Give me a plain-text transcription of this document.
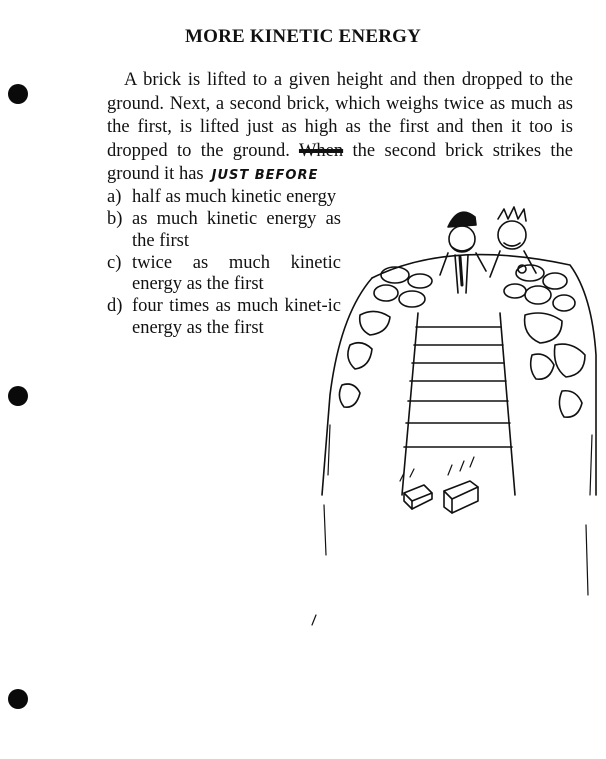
MORE KINETIC ENERGY

A brick is lifted to a given height and then dropped to the ground. Next, a second brick, which weighs twice as much as the first, is lifted just as high as the first and then it too is dropped to the ground. When the second brick strikes the ground it has JUST BEFORE

a) half as much kinetic energy
b) as much kinetic energy as the first
c) twice as much kinetic energy as the first
d) four times as much kinet-ic energy as the first
